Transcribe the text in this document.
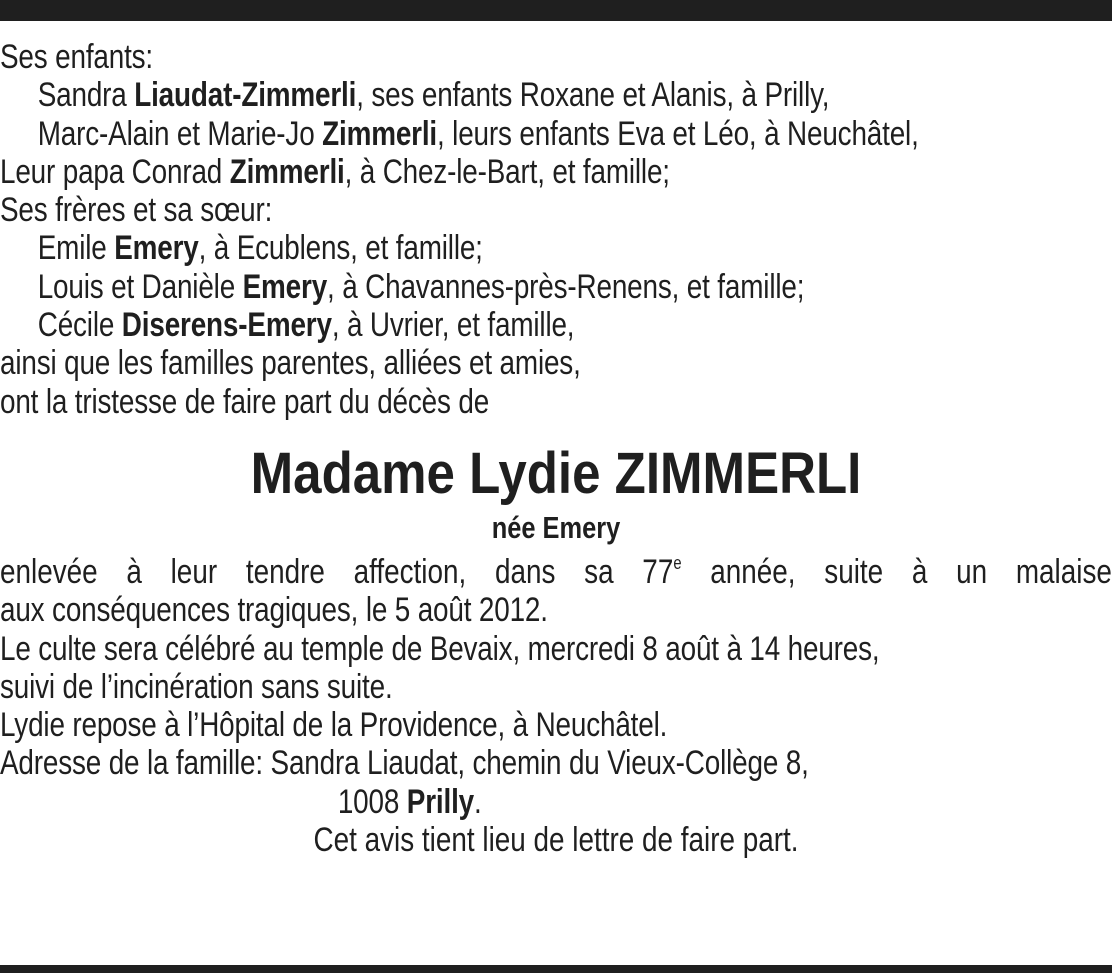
Ses enfants:
Sandra Liaudat-Zimmerli, ses enfants Roxane et Alanis, à Prilly,
Marc-Alain et Marie-Jo Zimmerli, leurs enfants Eva et Léo, à Neuchâtel,
Leur papa Conrad Zimmerli, à Chez-le-Bart, et famille;
Ses frères et sa sœur:
Emile Emery, à Ecublens, et famille;
Louis et Danièle Emery, à Chavannes-près-Renens, et famille;
Cécile Diserens-Emery, à Uvrier, et famille,
ainsi que les familles parentes, alliées et amies,
ont la tristesse de faire part du décès de
Madame Lydie ZIMMERLI
née Emery
enlevée à leur tendre affection, dans sa 77e année, suite à un malaise
aux conséquences tragiques, le 5 août 2012.
Le culte sera célébré au temple de Bevaix, mercredi 8 août à 14 heures,
suivi de l’incinération sans suite.
Lydie repose à l’Hôpital de la Providence, à Neuchâtel.
Adresse de la famille: Sandra Liaudat, chemin du Vieux-Collège 8,
1008 Prilly.
Cet avis tient lieu de lettre de faire part.
